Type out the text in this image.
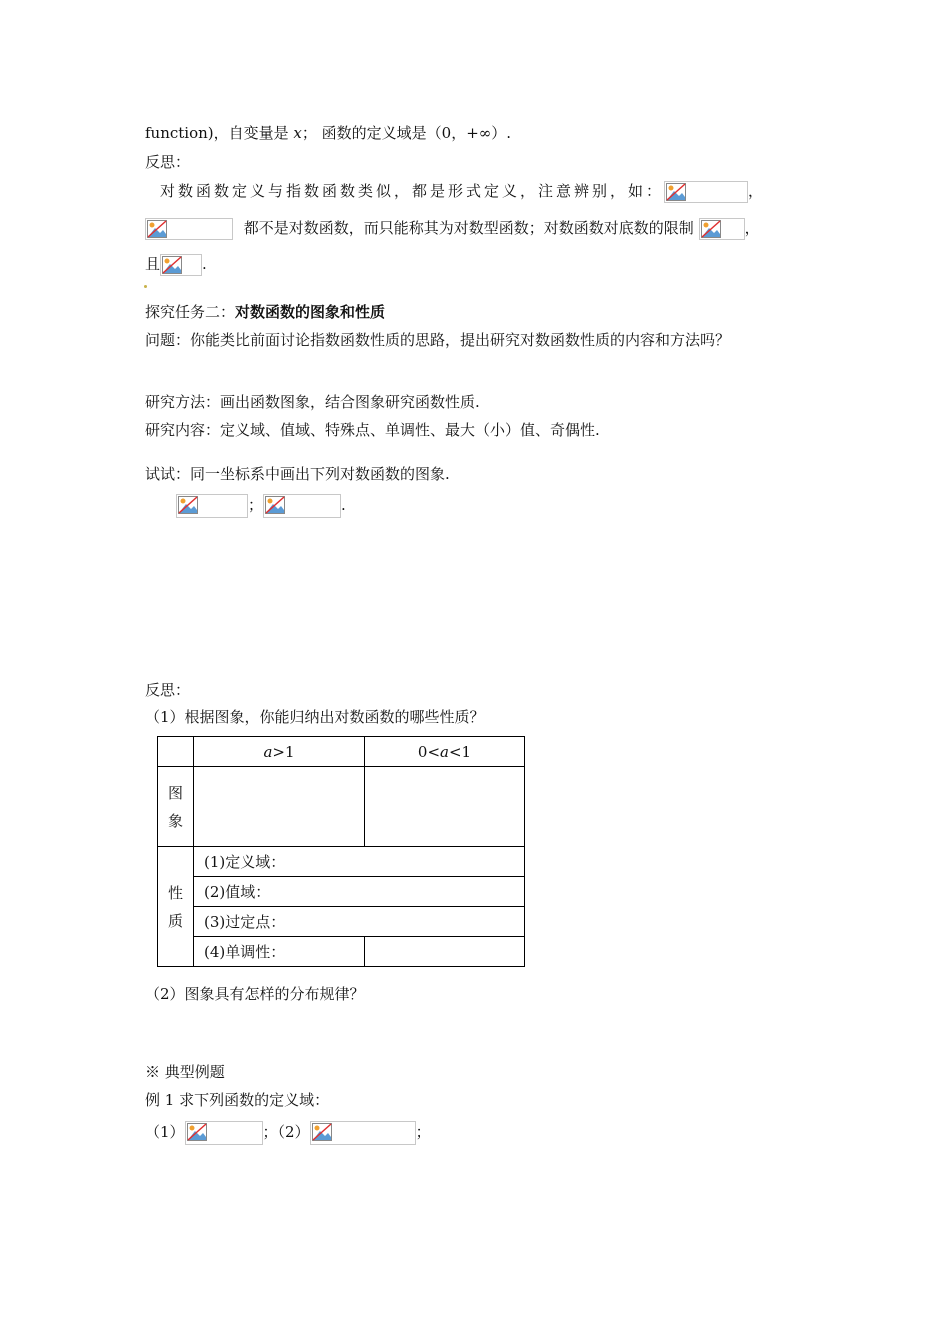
function)，自变量是 x； 函数的定义域是（0，+∞）.
反思：
对数函数定义与指数函数类似，都是形式定义，注意辨别，如：	，
都不是对数函数，而只能称其为对数型函数；对数函数对底数的限制	，
且	.
探究任务二：对数函数的图象和性质
问题：你能类比前面讨论指数函数性质的思路，提出研究对数函数性质的内容和方法吗？
研究方法：画出函数图象，结合图象研究函数性质.
研究内容：定义域、值域、特殊点、单调性、最大（小）值、奇偶性.
试试：同一坐标系中画出下列对数函数的图象.
；	.
反思：
（1）根据图象，你能归纳出对数函数的哪些性质？
	a>1	0<a<1
图
象		
性
质	(1)定义域：	
	(2)值域：	
	(3)过定点：	
	(4)单调性：	
（2）图象具有怎样的分布规律？
※ 典型例题
例 1 求下列函数的定义域：
（1）	；（2）	；
